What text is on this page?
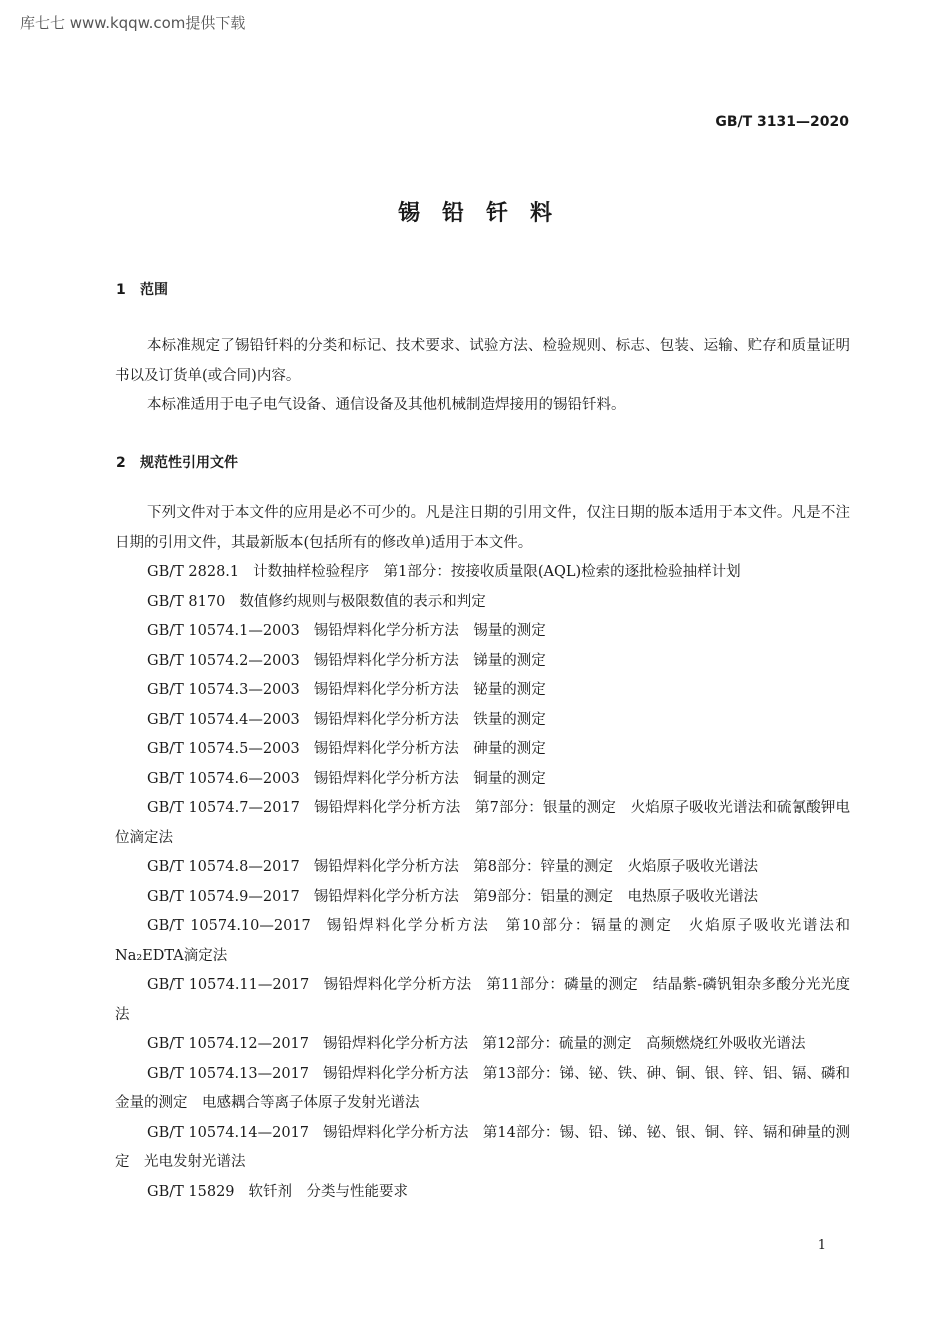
库七七 www.kqqw.com提供下载
GB/T 3131—2020
锡铅钎料
1 范围

本标准规定了锡铅钎料的分类和标记、技术要求、试验方法、检验规则、标志、包装、运输、贮存和质量证明书以及订货单(或合同)内容。

本标准适用于电子电气设备、通信设备及其他机械制造焊接用的锡铅钎料。

2 规范性引用文件

下列文件对于本文件的应用是必不可少的。凡是注日期的引用文件，仅注日期的版本适用于本文件。凡是不注日期的引用文件，其最新版本(包括所有的修改单)适用于本文件。

GB/T 2828.1 计数抽样检验程序　第1部分：按接收质量限(AQL)检索的逐批检验抽样计划

GB/T 8170 数值修约规则与极限数值的表示和判定

GB/T 10574.1—2003 锡铅焊料化学分析方法　锡量的测定

GB/T 10574.2—2003 锡铅焊料化学分析方法　锑量的测定

GB/T 10574.3—2003 锡铅焊料化学分析方法　铋量的测定

GB/T 10574.4—2003 锡铅焊料化学分析方法　铁量的测定

GB/T 10574.5—2003 锡铅焊料化学分析方法　砷量的测定

GB/T 10574.6—2003 锡铅焊料化学分析方法　铜量的测定

GB/T 10574.7—2017 锡铅焊料化学分析方法　第7部分：银量的测定　火焰原子吸收光谱法和硫氰酸钾电位滴定法

GB/T 10574.8—2017 锡铅焊料化学分析方法　第8部分：锌量的测定　火焰原子吸收光谱法

GB/T 10574.9—2017 锡铅焊料化学分析方法　第9部分：铝量的测定　电热原子吸收光谱法

GB/T 10574.10—2017 锡铅焊料化学分析方法　第10部分：镉量的测定　火焰原子吸收光谱法和Na₂EDTA滴定法

GB/T 10574.11—2017 锡铅焊料化学分析方法　第11部分：磷量的测定　结晶紫-磷钒钼杂多酸分光光度法

GB/T 10574.12—2017 锡铅焊料化学分析方法　第12部分：硫量的测定　高频燃烧红外吸收光谱法

GB/T 10574.13—2017 锡铅焊料化学分析方法　第13部分：锑、铋、铁、砷、铜、银、锌、铝、镉、磷和金量的测定　电感耦合等离子体原子发射光谱法

GB/T 10574.14—2017 锡铅焊料化学分析方法　第14部分：锡、铅、锑、铋、银、铜、锌、镉和砷量的测定　光电发射光谱法

GB/T 15829 软钎剂　分类与性能要求

1
